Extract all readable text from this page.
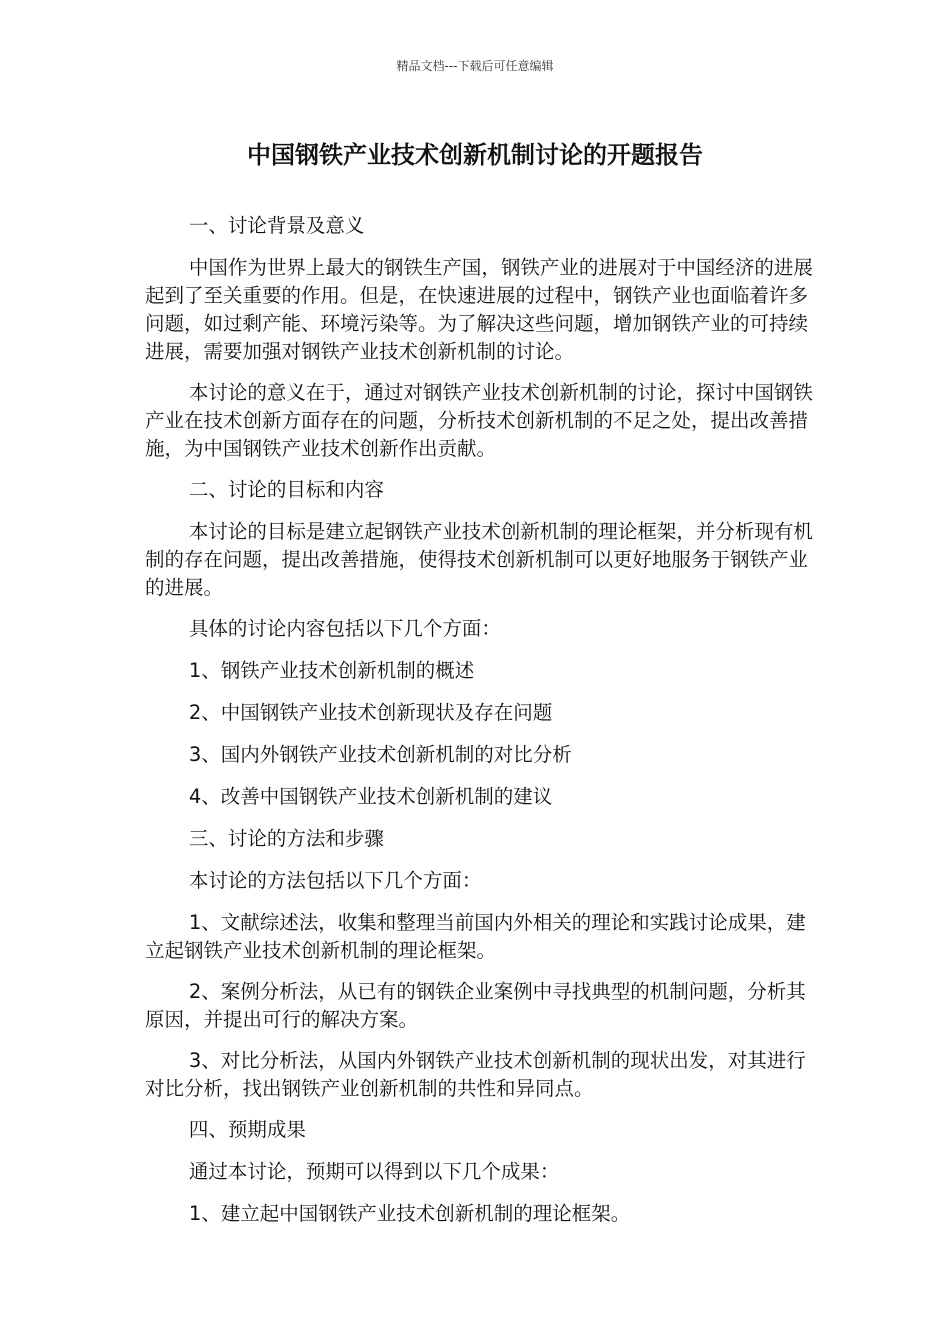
精品文档---下载后可任意编辑
中国钢铁产业技术创新机制讨论的开题报告

一、讨论背景及意义

中国作为世界上最大的钢铁生产国，钢铁产业的进展对于中国经济的进展起到了至关重要的作用。但是，在快速进展的过程中，钢铁产业也面临着许多问题，如过剩产能、环境污染等。为了解决这些问题，增加钢铁产业的可持续进展，需要加强对钢铁产业技术创新机制的讨论。

本讨论的意义在于，通过对钢铁产业技术创新机制的讨论，探讨中国钢铁产业在技术创新方面存在的问题，分析技术创新机制的不足之处，提出改善措施，为中国钢铁产业技术创新作出贡献。

二、讨论的目标和内容

本讨论的目标是建立起钢铁产业技术创新机制的理论框架，并分析现有机制的存在问题，提出改善措施，使得技术创新机制可以更好地服务于钢铁产业的进展。

具体的讨论内容包括以下几个方面：

1、钢铁产业技术创新机制的概述

2、中国钢铁产业技术创新现状及存在问题

3、国内外钢铁产业技术创新机制的对比分析

4、改善中国钢铁产业技术创新机制的建议

三、讨论的方法和步骤

本讨论的方法包括以下几个方面：

1、文献综述法，收集和整理当前国内外相关的理论和实践讨论成果，建立起钢铁产业技术创新机制的理论框架。

2、案例分析法，从已有的钢铁企业案例中寻找典型的机制问题，分析其原因，并提出可行的解决方案。

3、对比分析法，从国内外钢铁产业技术创新机制的现状出发，对其进行对比分析，找出钢铁产业创新机制的共性和异同点。

四、预期成果

通过本讨论，预期可以得到以下几个成果：

1、建立起中国钢铁产业技术创新机制的理论框架。
